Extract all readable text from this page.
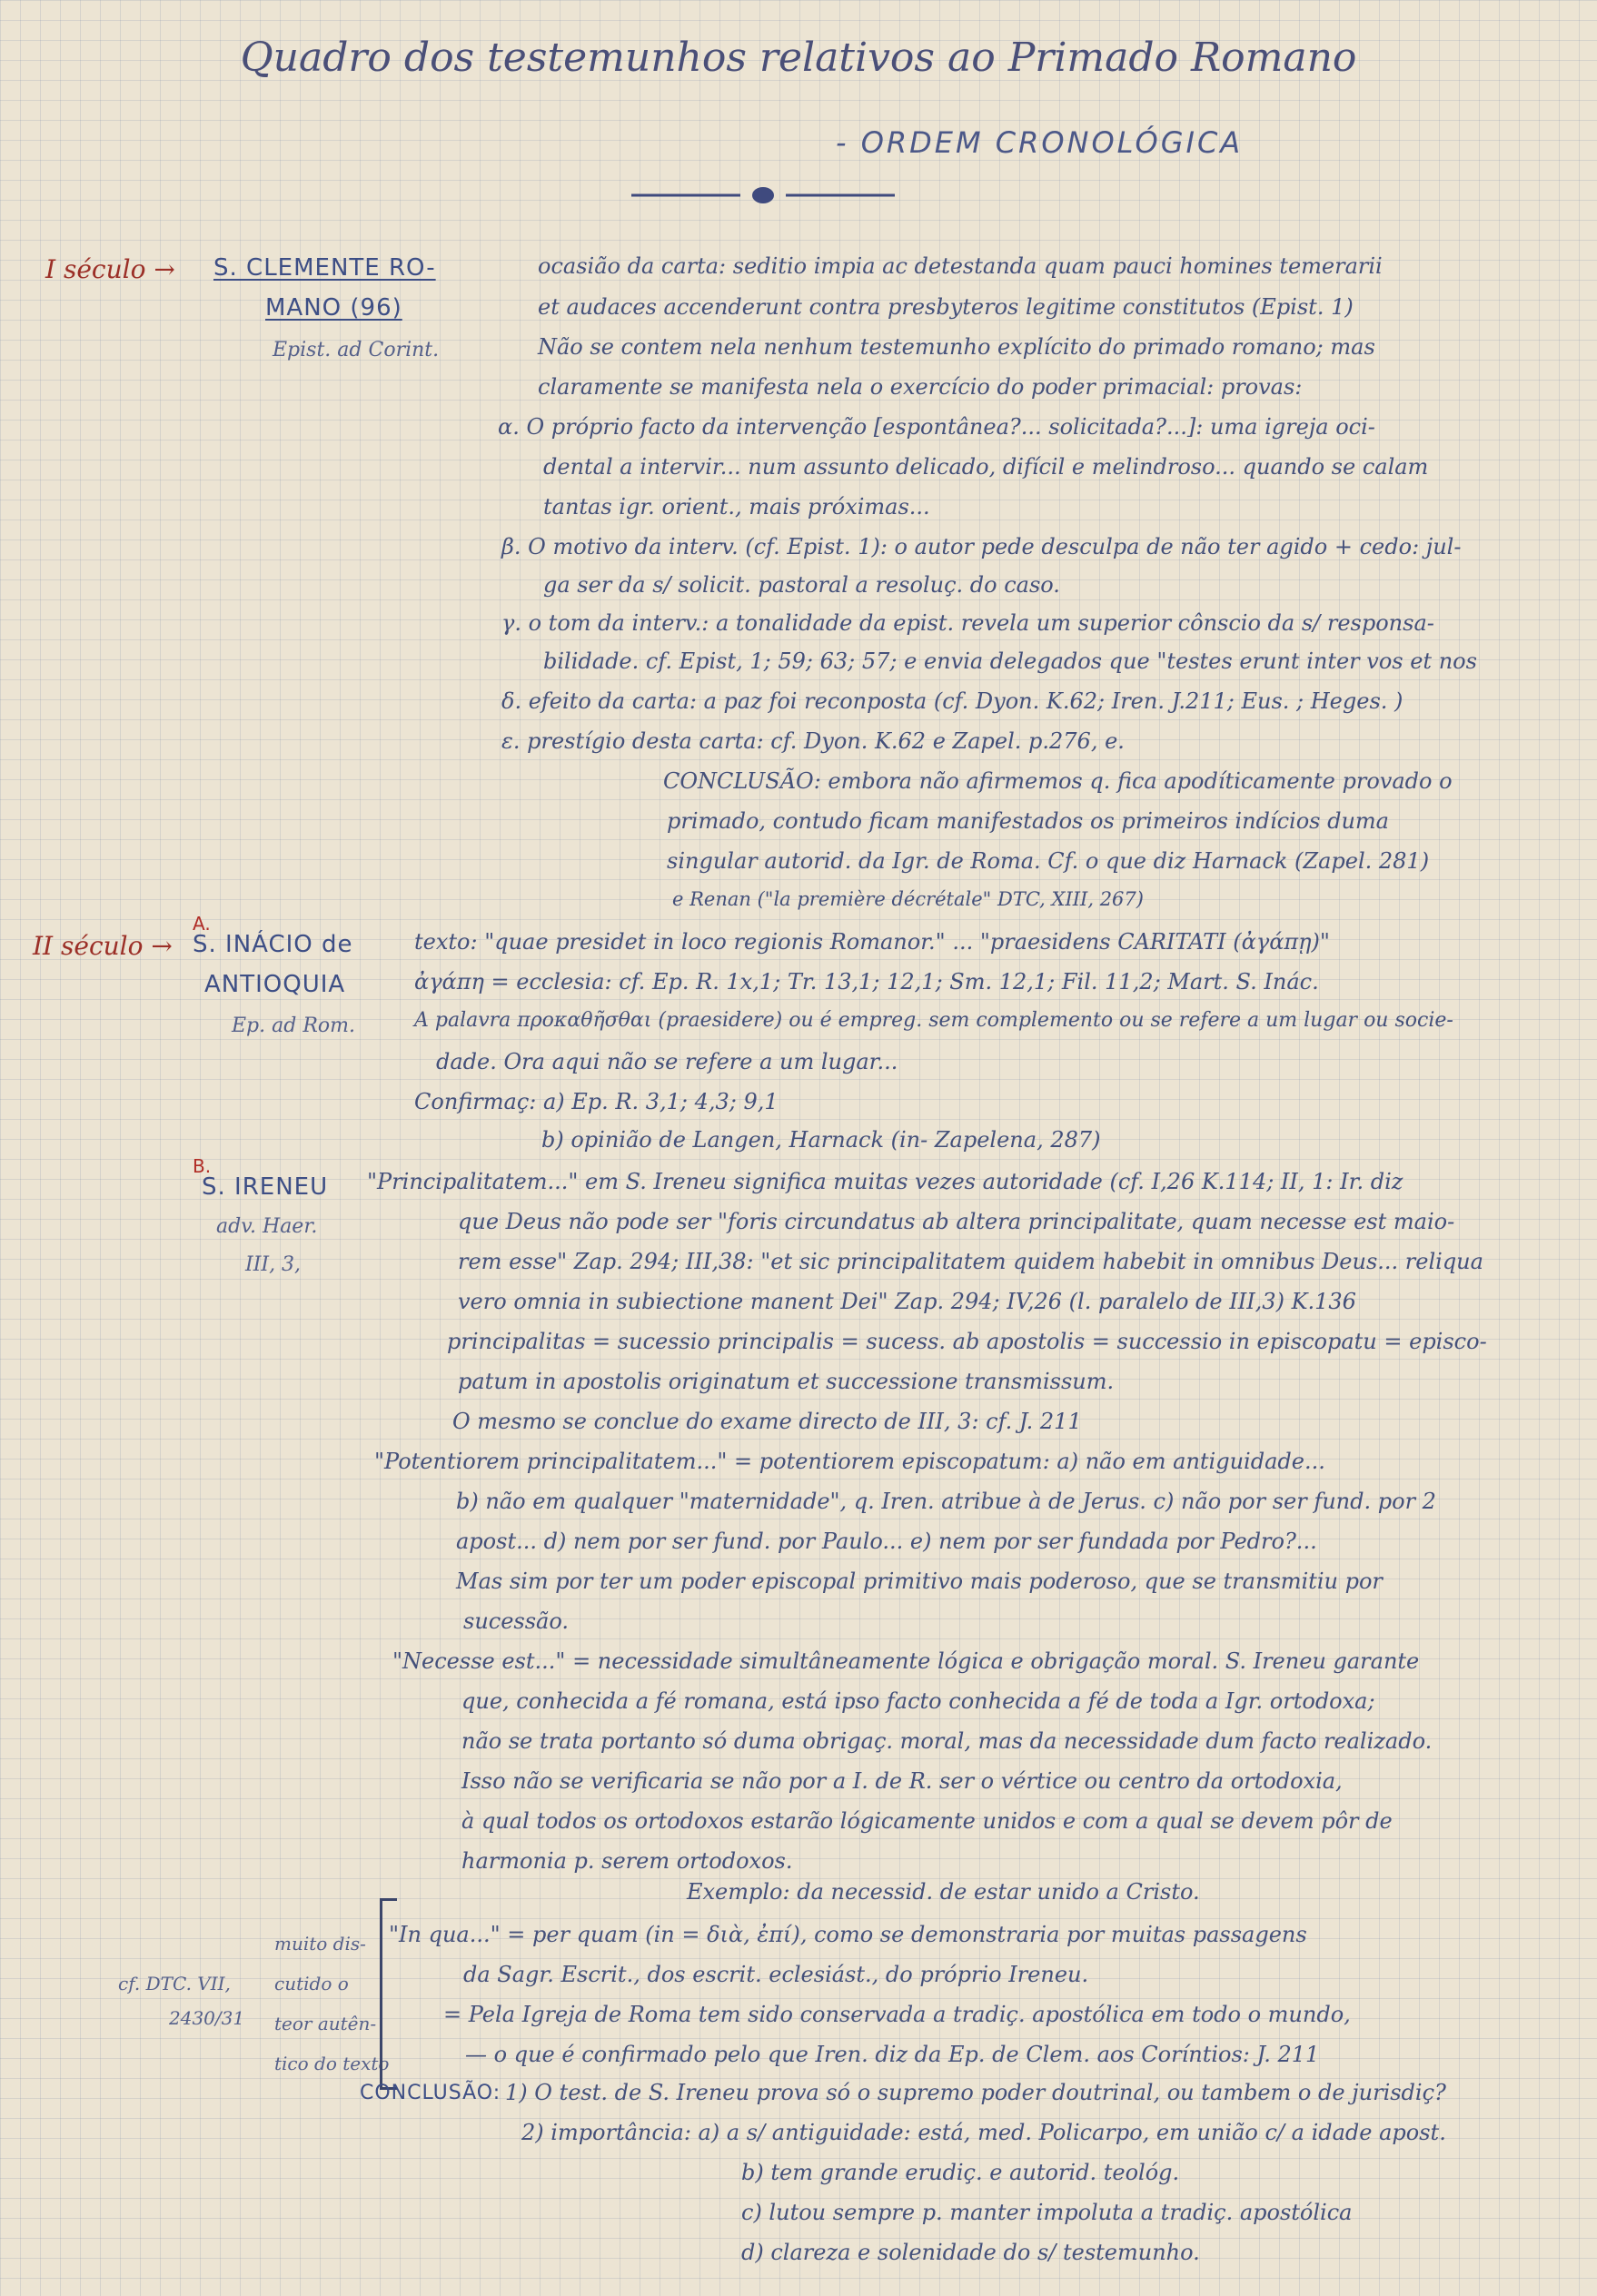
Quadro dos testemunhos relativos ao Primado Romano
- ORDEM CRONOLÓGICA
I século → S. CLEMENTE RO-
MANO (96)
Epist. ad Corint.
ocasião da carta: seditio impia ac detestanda quam pauci homines temerarii
et audaces accenderunt contra presbyteros legitime constitutos (Epist. 1)
Não se contem nela nenhum testemunho explícito do primado romano; mas
claramente se manifesta nela o exercício do poder primacial: provas:
α. O próprio facto da intervenção [espontânea?... solicitada?...]: uma igreja oci-
dental a intervir... num assunto delicado, difícil e melindroso... quando se calam
tantas igr. orient., mais próximas...
β. O motivo da interv. (cf. Epist. 1): o autor pede desculpa de não ter agido + cedo: jul-
ga ser da s/ solicit. pastoral a resoluç. do caso.
γ. o tom da interv.: a tonalidade da epist. revela um superior cônscio da s/ responsa-
bilidade. cf. Epist, 1; 59; 63; 57; e envia delegados que "testes erunt inter vos et nos
δ. efeito da carta: a paz foi reconposta (cf. Dyon. K.62; Iren. J.211; Eus. ; Heges. )
ε. prestígio desta carta: cf. Dyon. K.62 e Zapel. p.276, e.
CONCLUSÃO: embora não afirmemos q. fica apodíticamente provado o
primado, contudo ficam manifestados os primeiros indícios duma
singular autorid. da Igr. de Roma. Cf. o que diz Harnack (Zapel. 281)
e Renan ("la première décrétale" DTC, XIII, 267)
II século →
A.
S. INÁCIO de
ANTIOQUIA
Ep. ad Rom.
texto: "quae presidet in loco regionis Romanor." ... "praesidens CARITATI (ἀγάπῃ)"
ἀγάπη = ecclesia: cf. Ep. R. 1x,1; Tr. 13,1; 12,1; Sm. 12,1; Fil. 11,2; Mart. S. Inác.
A palavra προκαθῆσθαι (praesidere) ou é empreg. sem complemento ou se refere a um lugar ou socie-
dade. Ora aqui não se refere a um lugar...
Confirmaç: a) Ep. R. 3,1; 4,3; 9,1
b) opinião de Langen, Harnack (in- Zapelena, 287)
B.
S. IRENEU
adv. Haer.
III, 3,
"Principalitatem..." em S. Ireneu significa muitas vezes autoridade (cf. I,26 K.114; II, 1: Ir. diz
que Deus não pode ser "foris circundatus ab altera principalitate, quam necesse est maio-
rem esse" Zap. 294; III,38: "et sic principalitatem quidem habebit in omnibus Deus... reliqua
vero omnia in subiectione manent Dei" Zap. 294; IV,26 (l. paralelo de III,3) K.136
principalitas = sucessio principalis = sucess. ab apostolis = successio in episcopatu = episco-
patum in apostolis originatum et successione transmissum.
O mesmo se conclue do exame directo de III, 3: cf. J. 211
"Potentiorem principalitatem..." = potentiorem episcopatum: a) não em antiguidade...
b) não em qualquer "maternidade", q. Iren. atribue à de Jerus. c) não por ser fund. por 2
apost... d) nem por ser fund. por Paulo... e) nem por ser fundada por Pedro?...
Mas sim por ter um poder episcopal primitivo mais poderoso, que se transmitiu por
sucessão.
"Necesse est..." = necessidade simultâneamente lógica e obrigação moral. S. Ireneu garante
que, conhecida a fé romana, está ipso facto conhecida a fé de toda a Igr. ortodoxa;
não se trata portanto só duma obrigaç. moral, mas da necessidade dum facto realizado.
Isso não se verificaria se não por a I. de R. ser o vértice ou centro da ortodoxia,
à qual todos os ortodoxos estarão lógicamente unidos e com a qual se devem pôr de
harmonia p. serem ortodoxos.
Exemplo: da necessid. de estar unido a Cristo.
cf. DTC. VII,
2430/31
muito dis-
cutido o
teor autên-
tico do texto
"In qua..." = per quam (in = διὰ, ἐπί), como se demonstraria por muitas passagens
da Sagr. Escrit., dos escrit. eclesiást., do próprio Ireneu.
= Pela Igreja de Roma tem sido conservada a tradiç. apostólica em todo o mundo,
— o que é confirmado pelo que Iren. diz da Ep. de Clem. aos Coríntios: J. 211
CONCLUSÃO: 1) O test. de S. Ireneu prova só o supremo poder doutrinal, ou tambem o de jurisdiç?
2) importância: a) a s/ antiguidade: está, med. Policarpo, em união c/ a idade apost.
b) tem grande erudiç. e autorid. teológ.
c) lutou sempre p. manter impoluta a tradiç. apostólica
d) clareza e solenidade do s/ testemunho.
